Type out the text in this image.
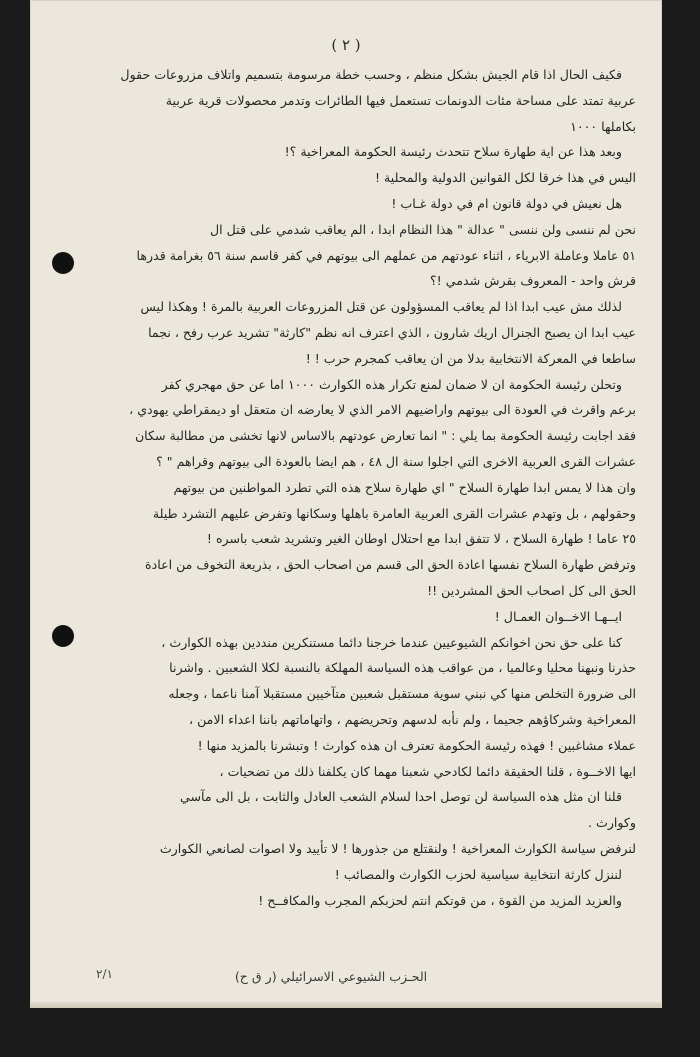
( ٢ )
فكيف الحال اذا قام الجيش بشكل منظم ، وحسب خطة مرسومة بتسميم واتلاف مزروعات حقول
عربية تمتد على مساحة مئات الدونمات تستعمل فيها الطائرات وتدمر محصولات قرية عربية
بكاملها ١٠٠٠
وبعد هذا عن اية طهارة سلاح تتحدث رئيسة الحكومة المعراخية ؟!
اليس في هذا خرقا لكل القوانين الدولية والمحلية !
هل نعيش في دولة قانون ام في دولة غـاب !
نحن لم ننسى ولن ننسى " عدالة " هذا النظام ابدا ، الم يعاقب شدمي على قتل ال
٥١ عاملا وعاملة الابرياء ، اثناء عودتهم من عملهم الى بيوتهم في كفر قاسم سنة ٥٦ بغرامة قدرها
قرش واحد - المعروف بقرش شدمي !؟
لذلك مش عيب ابدا اذا لم يعاقب المسؤولون عن قتل المزروعات العربية بالمرة ! وهكذا ليس
عيب ابدا ان يصبح الجنرال اريك شارون ، الذي اعترف انه نظم "كارثة" تشريد عرب رفح ، نجما
ساطعا في المعركة الانتخابية بدلا من ان يعاقب كمجرم حرب ! !
وتحلن رئيسة الحكومة ان لا ضمان لمنع تكرار هذه الكوارث ١٠٠٠ اما عن حق مهجري كفر
برعم واقرث في العودة الى بيوتهم واراضيهم الامر الذي لا يعارضه ان متعقل او ديمقراطي يهودي ،
فقد اجابت رئيسة الحكومة بما يلي : " انما تعارض عودتهم بالاساس لانها تخشى من مطالبة سكان
عشرات القرى العربية الاخرى التي اجلوا سنة ال ٤٨ ، هم ايضا بالعودة الى بيوتهم وقراهم " ؟
وان هذا لا يمس ابدا طهارة السلاح " اي طهارة سلاح هذه التي تطرد المواطنين من بيوتهم
وحقولهم ، بل وتهدم عشرات القرى العربية العامرة باهلها وسكانها وتفرض عليهم التشرد طيلة
٢٥ عاما ! طهارة السلاح ، لا تتفق ابدا مع احتلال اوطان الغير وتشريد شعب باسره !
وترفض طهارة السلاح نفسها اعادة الحق الى قسم من اصحاب الحق ، بذريعة التخوف من اعادة
الحق الى كل اصحاب الحق المشردين !!
ايــهـا الاخــوان العمـال !
كنا على حق نحن اخوانكم الشيوعيين عندما خرجنا دائما مستنكرين منددين بهذه الكوارث ،
حذرنا ونبهنا محليا وعالميا ، من عواقب هذه السياسة المهلكة بالنسبة لكلا الشعبين . واشرنا
الى ضرورة التخلص منها كي نبني سوية مستقبل شعبين متآخيين مستقبلا آمنا ناعما ، وجعله
المعراخية وشركاؤهم جحيما ، ولم نأبه لدسهم وتحريضهم ، واتهاماتهم باننا اعداء الامن ،
عملاء مشاغبين ! فهذه رئيسة الحكومة تعترف ان هذه كوارث ! وتبشرنا بالمزيد منها !
ايها الاخــوة ، قلنا الحقيقة دائما لكادحي شعبنا مهما كان يكلفنا ذلك من تضحيات ،
قلنا ان مثل هذه السياسة لن توصل احدا لسلام الشعب العادل والثابت ، بل الى مآسي
وكوارث .
لنرفض سياسة الكوارث المعراخية ! ولنقتلع من جذورها ! لا تأييد ولا اصوات لصانعي الكوارث
لننزل كارثة انتخابية سياسية لحزب الكوارث والمصائب !
والعزيد المزيد من القوة ، من قوتكم انتم لحزبكم المجرب والمكافــح !
الحـزب الشيوعي الاسرائيلي (ر ق ح)
٢/١
